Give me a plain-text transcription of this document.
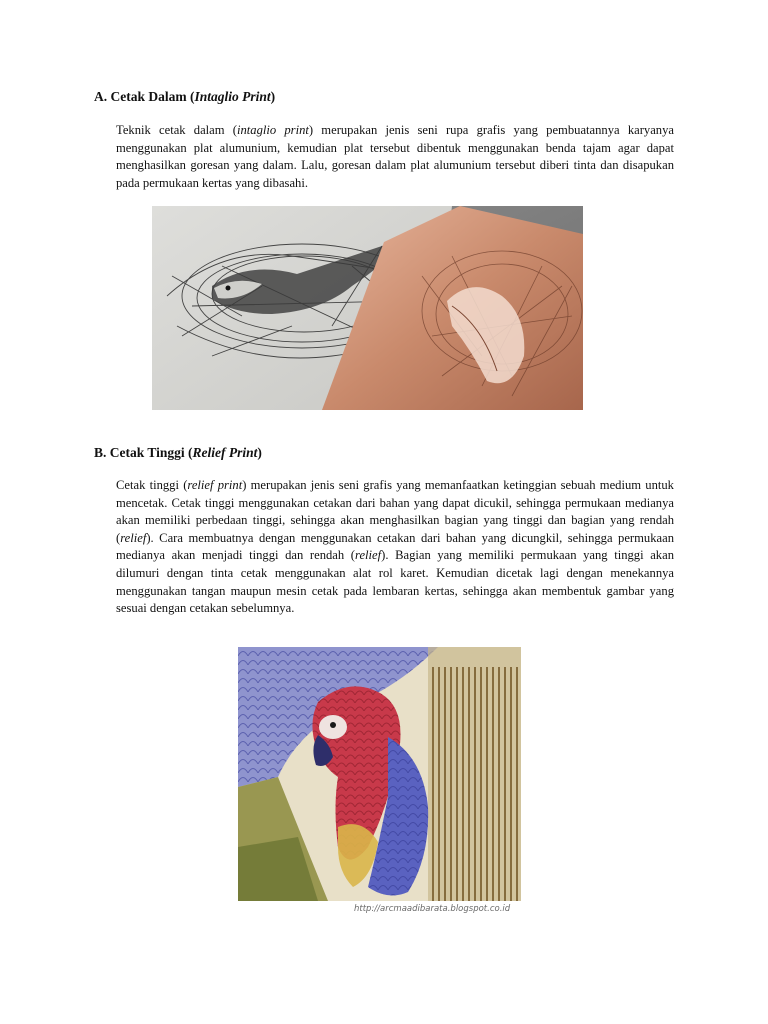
A. Cetak Dalam (Intaglio Print)
Teknik cetak dalam (intaglio print) merupakan jenis seni rupa grafis yang pembuatannya karyanya menggunakan plat alumunium, kemudian plat tersebut dibentuk menggunakan benda tajam agar dapat menghasilkan goresan yang dalam. Lalu, goresan dalam plat alumunium tersebut diberi tinta dan disapukan pada permukaan kertas yang dibasahi.
B. Cetak Tinggi (Relief Print)
Cetak tinggi (relief print) merupakan jenis seni grafis yang memanfaatkan ketinggian sebuah medium untuk mencetak. Cetak tinggi menggunakan cetakan dari bahan yang dapat dicukil, sehingga permukaan medianya akan memiliki perbedaan tinggi, sehingga akan menghasilkan bagian yang tinggi dan bagian yang rendah (relief). Cara membuatnya dengan menggunakan cetakan dari bahan yang dicungkil, sehingga permukaan medianya akan menjadi tinggi dan rendah (relief). Bagian yang memiliki permukaan yang tinggi akan dilumuri dengan tinta cetak menggunakan alat rol karet. Kemudian dicetak lagi dengan menekannya menggunakan tangan maupun mesin cetak pada lembaran kertas, sehingga akan membentuk gambar yang sesuai dengan cetakan sebelumnya.
http://arcmaadibarata.blogspot.co.id
